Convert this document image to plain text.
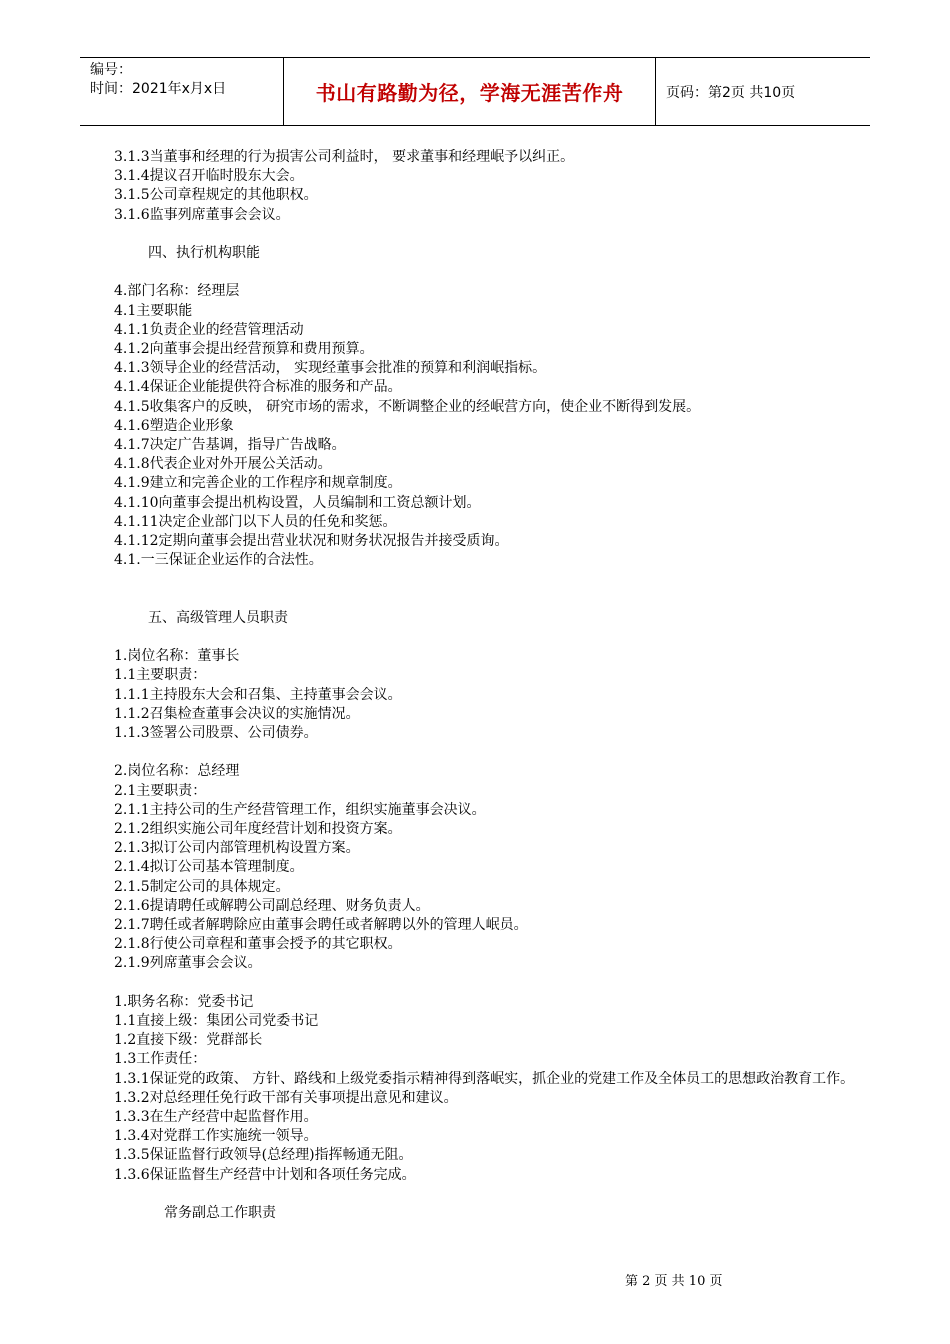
编号：
时间：2021年x月x日	书山有路勤为径，学海无涯苦作舟	页码：第2页 共10页
3.1.3当董事和经理的行为损害公司利益时， 要求董事和经理岷予以纠正。
3.1.4提议召开临时股东大会。
3.1.5公司章程规定的其他职权。
3.1.6监事列席董事会会议。
四、执行机构职能
4.部门名称：经理层
4.1主要职能
4.1.1负责企业的经营管理活动
4.1.2向董事会提出经营预算和费用预算。
4.1.3领导企业的经营活动， 实现经董事会批准的预算和利润岷指标。
4.1.4保证企业能提供符合标准的服务和产品。
4.1.5收集客户的反映， 研究市场的需求，不断调整企业的经岷营方向，使企业不断得到发展。
4.1.6塑造企业形象
4.1.7决定广告基调，指导广告战略。
4.1.8代表企业对外开展公关活动。
4.1.9建立和完善企业的工作程序和规章制度。
4.1.10向董事会提出机构设置，人员编制和工资总额计划。
4.1.11决定企业部门以下人员的任免和奖惩。
4.1.12定期向董事会提出营业状况和财务状况报告并接受质询。
4.1.一三保证企业运作的合法性。
五、高级管理人员职责
1.岗位名称：董事长
1.1主要职责：
1.1.1主持股东大会和召集、主持董事会会议。
1.1.2召集检查董事会决议的实施情况。
1.1.3签署公司股票、公司债券。
2.岗位名称：总经理
2.1主要职责：
2.1.1主持公司的生产经营管理工作，组织实施董事会决议。
2.1.2组织实施公司年度经营计划和投资方案。
2.1.3拟订公司内部管理机构设置方案。
2.1.4拟订公司基本管理制度。
2.1.5制定公司的具体规定。
2.1.6提请聘任或解聘公司副总经理、财务负责人。
2.1.7聘任或者解聘除应由董事会聘任或者解聘以外的管理人岷员。
2.1.8行使公司章程和董事会授予的其它职权。
2.1.9列席董事会会议。
1.职务名称：党委书记
1.1直接上级：集团公司党委书记
1.2直接下级：党群部长
1.3工作责任：
1.3.1保证党的政策、 方针、路线和上级党委指示精神得到落岷实，抓企业的党建工作及全体员工的思想政治教育工作。
1.3.2对总经理任免行政干部有关事项提出意见和建议。
1.3.3在生产经营中起监督作用。
1.3.4对党群工作实施统一领导。
1.3.5保证监督行政领导(总经理)指挥畅通无阻。
1.3.6保证监督生产经营中计划和各项任务完成。
常务副总工作职责
第 2 页 共 10 页
